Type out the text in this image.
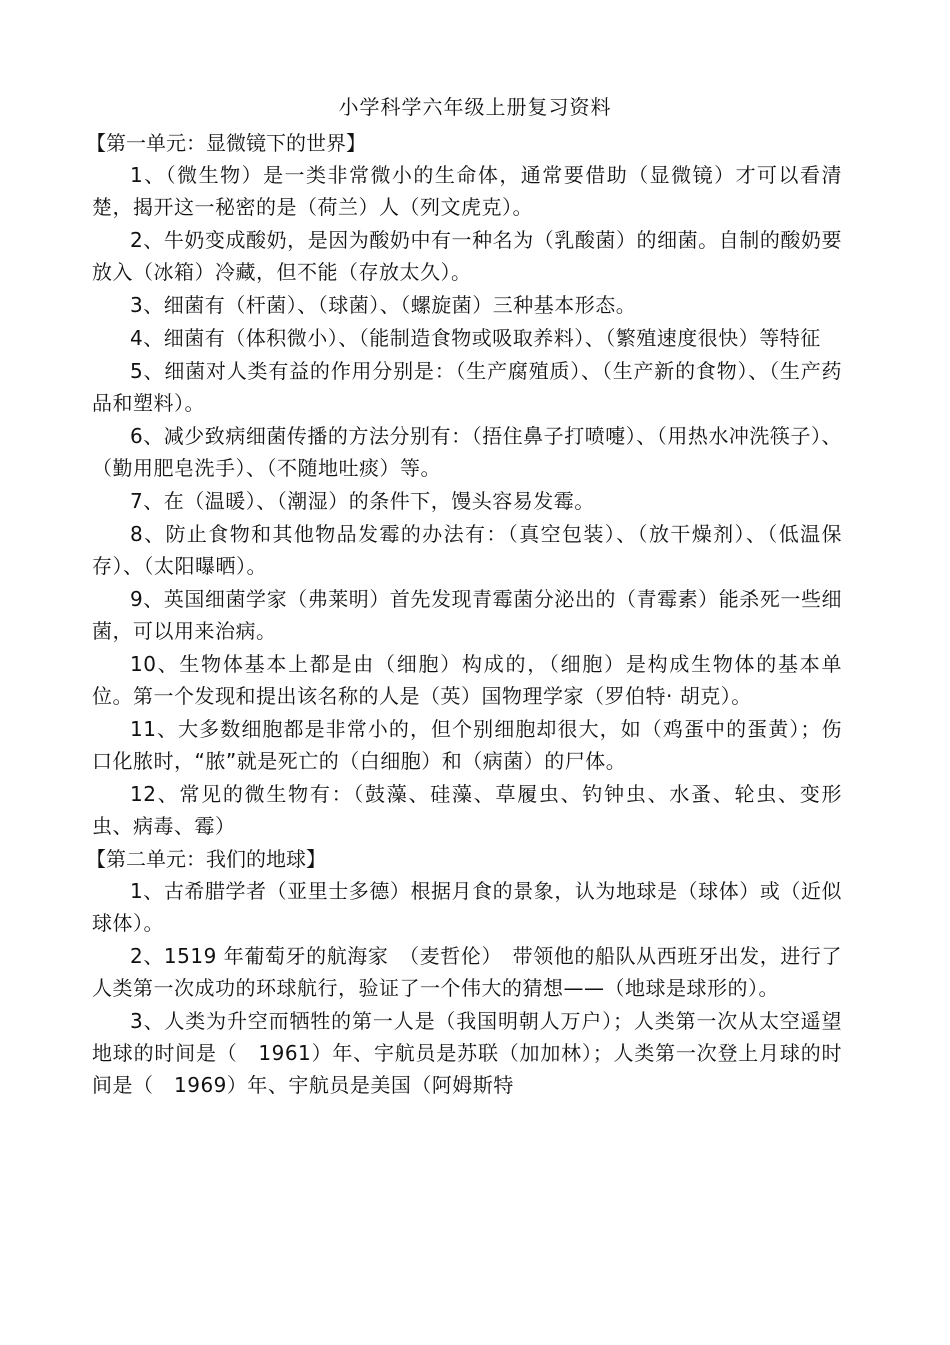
小学科学六年级上册复习资料
【第一单元：显微镜下的世界】

1、（微生物）是一类非常微小的生命体，通常要借助（显微镜）才可以看清楚，揭开这一秘密的是（荷兰）人（列文虎克）。

2、牛奶变成酸奶，是因为酸奶中有一种名为（乳酸菌）的细菌。自制的酸奶要放入（冰箱）冷藏，但不能（存放太久）。

3、细菌有（杆菌）、（球菌）、（螺旋菌）三种基本形态。

4、细菌有（体积微小）、（能制造食物或吸取养料）、（繁殖速度很快）等特征

5、细菌对人类有益的作用分别是：（生产腐殖质）、（生产新的食物）、（生产药品和塑料）。

6、减少致病细菌传播的方法分别有：（捂住鼻子打喷嚏）、（用热水冲洗筷子）、（勤用肥皂洗手）、（不随地吐痰）等。

7、在（温暖）、（潮湿）的条件下，馒头容易发霉。

8、防止食物和其他物品发霉的办法有：（真空包装）、（放干燥剂）、（低温保存）、（太阳曝晒）。

9、英国细菌学家（弗莱明）首先发现青霉菌分泌出的（青霉素）能杀死一些细菌，可以用来治病。

10、生物体基本上都是由（细胞）构成的，（细胞）是构成生物体的基本单位。第一个发现和提出该名称的人是（英）国物理学家（罗伯特· 胡克）。

11、大多数细胞都是非常小的，但个别细胞却很大，如（鸡蛋中的蛋黄）；伤口化脓时，“脓”就是死亡的（白细胞）和（病菌）的尸体。

12、常见的微生物有：（鼓藻、硅藻、草履虫、钓钟虫、水蚤、轮虫、变形虫、病毒、霉）

【第二单元：我们的地球】

1、古希腊学者（亚里士多德）根据月食的景象，认为地球是（球体）或（近似球体）。

2、1519 年葡萄牙的航海家　（麦哲伦）　带领他的船队从西班牙出发，进行了人类第一次成功的环球航行，验证了一个伟大的猜想——（地球是球形的）。

3、人类为升空而牺牲的第一人是（我国明朝人万户）；人类第一次从太空遥望地球的时间是（　1961）年、宇航员是苏联（加加林）；人类第一次登上月球的时间是（　1969）年、宇航员是美国（阿姆斯特
